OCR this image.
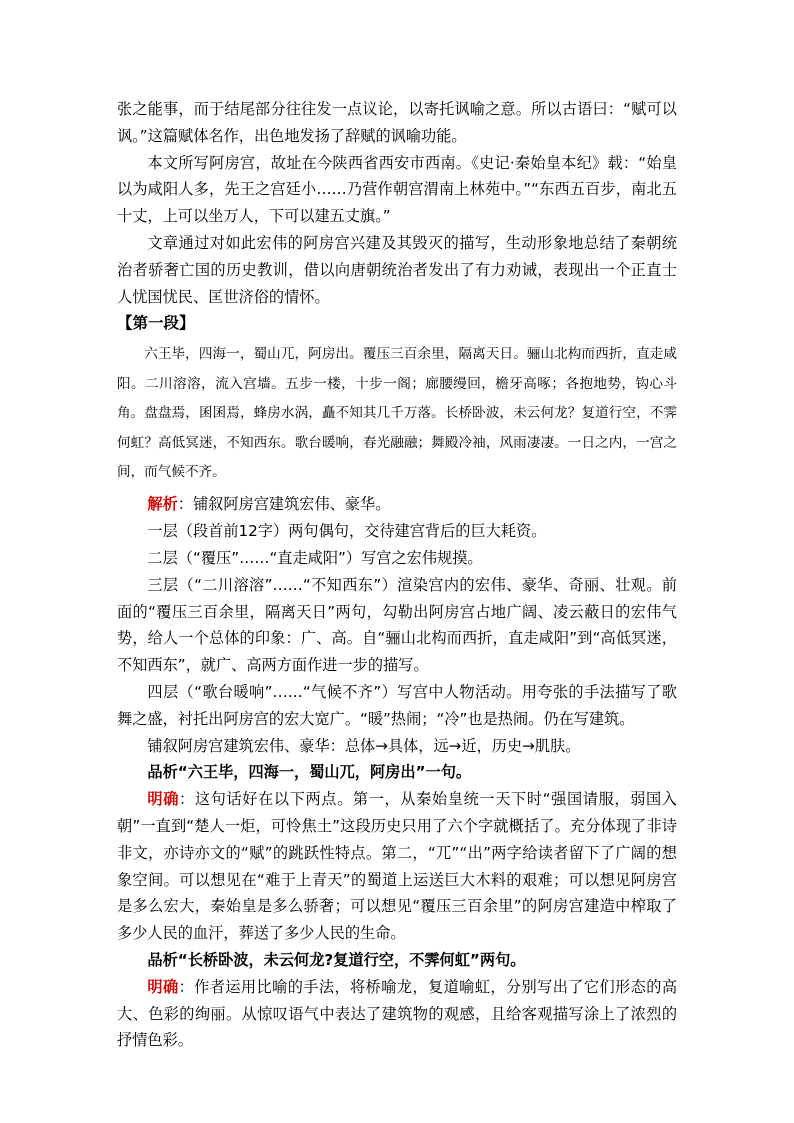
张之能事，而于结尾部分往往发一点议论，以寄托讽喻之意。所以古语曰：“赋可以讽。”这篇赋体名作，出色地发扬了辞赋的讽喻功能。

本文所写阿房宫，故址在今陕西省西安市西南。《史记·秦始皇本纪》载：“始皇以为咸阳人多，先王之宫廷小……乃营作朝宫渭南上林苑中。”“东西五百步，南北五十丈，上可以坐万人，下可以建五丈旗。”

文章通过对如此宏伟的阿房宫兴建及其毁灭的描写，生动形象地总结了秦朝统治者骄奢亡国的历史教训，借以向唐朝统治者发出了有力劝诫，表现出一个正直士人忧国忧民、匡世济俗的情怀。

【第一段】

六王毕，四海一，蜀山兀，阿房出。覆压三百余里，隔离天日。骊山北构而西折，直走咸阳。二川溶溶，流入宫墙。五步一楼，十步一阁；廊腰缦回，檐牙高啄；各抱地势，钩心斗角。盘盘焉，囷囷焉，蜂房水涡，矗不知其几千万落。长桥卧波，未云何龙？复道行空，不霁何虹？高低冥迷，不知西东。歌台暖响，春光融融；舞殿冷袖，风雨凄凄。一日之内，一宫之间，而气候不齐。

解析：铺叙阿房宫建筑宏伟、豪华。

一层（段首前12字）两句偶句，交待建宫背后的巨大耗资。

二层（“覆压”……“直走咸阳”）写宫之宏伟规摸。

三层（“二川溶溶”……“不知西东”）渲染宫内的宏伟、豪华、奇丽、壮观。前面的“覆压三百余里，隔离天日”两句，勾勒出阿房宫占地广阔、凌云蔽日的宏伟气势，给人一个总体的印象：广、高。自“骊山北构而西折，直走咸阳”到“高低冥迷，不知西东”，就广、高两方面作进一步的描写。

四层（“歌台暖响”……“气候不齐”）写宫中人物活动。用夸张的手法描写了歌舞之盛，衬托出阿房宫的宏大宽广。“暖”热闹；“冷”也是热闹。仍在写建筑。

铺叙阿房宫建筑宏伟、豪华：总体→具体，远→近，历史→肌肤。

品析“六王毕，四海一，蜀山兀，阿房出”一句。

明确：这句话好在以下两点。第一，从秦始皇统一天下时“强国请服，弱国入朝”一直到“楚人一炬，可怜焦土”这段历史只用了六个字就概括了。充分体现了非诗非文，亦诗亦文的“赋”的跳跃性特点。第二，“兀”“出”两字给读者留下了广阔的想象空间。可以想见在“难于上青天”的蜀道上运送巨大木料的艰难；可以想见阿房宫是多么宏大，秦始皇是多么骄奢；可以想见“覆压三百余里”的阿房宫建造中榨取了多少人民的血汗，葬送了多少人民的生命。

品析“长桥卧波，未云何龙?复道行空，不霁何虹”两句。

明确：作者运用比喻的手法，将桥喻龙，复道喻虹，分别写出了它们形态的高大、色彩的绚丽。从惊叹语气中表达了建筑物的观感，且给客观描写涂上了浓烈的抒情色彩。
